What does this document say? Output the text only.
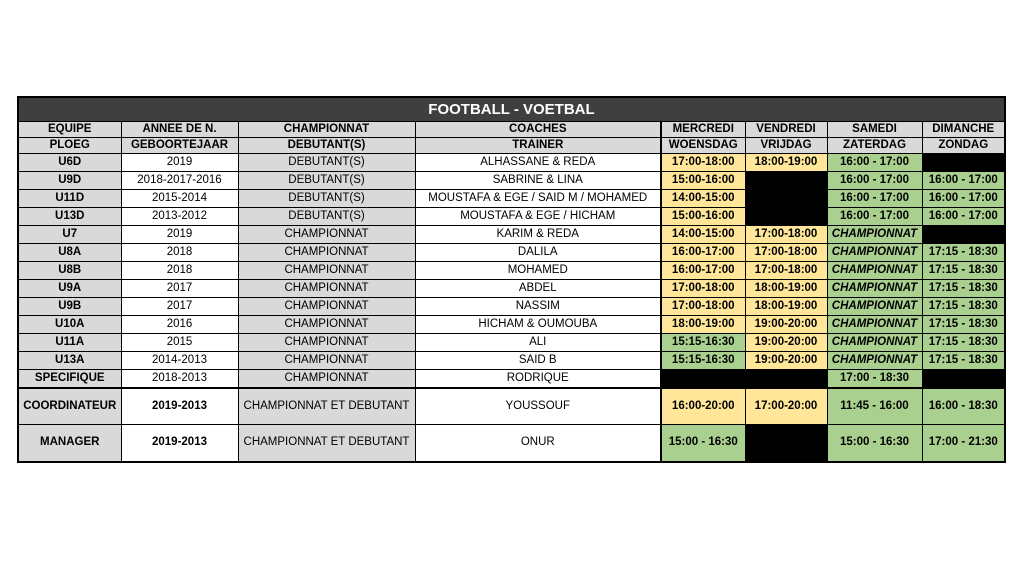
FOOTBALL - VOETBAL							
EQUIPE	ANNEE DE N.	CHAMPIONNAT	COACHES	MERCREDI	VENDREDI	SAMEDI	DIMANCHE
PLOEG	GEBOORTEJAAR	DEBUTANT(S)	TRAINER	WOENSDAG	VRIJDAG	ZATERDAG	ZONDAG
U6D	2019	DEBUTANT(S)	ALHASSANE & REDA	17:00-18:00	18:00-19:00	16:00 - 17:00	
U9D	2018-2017-2016	DEBUTANT(S)	SABRINE & LINA	15:00-16:00		16:00 - 17:00	16:00 - 17:00
U11D	2015-2014	DEBUTANT(S)	MOUSTAFA & EGE / SAID M / MOHAMED	14:00-15:00		16:00 - 17:00	16:00 - 17:00
U13D	2013-2012	DEBUTANT(S)	MOUSTAFA & EGE / HICHAM	15:00-16:00		16:00 - 17:00	16:00 - 17:00
U7	2019	CHAMPIONNAT	KARIM & REDA	14:00-15:00	17:00-18:00	CHAMPIONNAT	
U8A	2018	CHAMPIONNAT	DALILA	16:00-17:00	17:00-18:00	CHAMPIONNAT	17:15 - 18:30
U8B	2018	CHAMPIONNAT	MOHAMED	16:00-17:00	17:00-18:00	CHAMPIONNAT	17:15 - 18:30
U9A	2017	CHAMPIONNAT	ABDEL	17:00-18:00	18:00-19:00	CHAMPIONNAT	17:15 - 18:30
U9B	2017	CHAMPIONNAT	NASSIM	17:00-18:00	18:00-19:00	CHAMPIONNAT	17:15 - 18:30
U10A	2016	CHAMPIONNAT	HICHAM & OUMOUBA	18:00-19:00	19:00-20:00	CHAMPIONNAT	17:15 - 18:30
U11A	2015	CHAMPIONNAT	ALI	15:15-16:30	19:00-20:00	CHAMPIONNAT	17:15 - 18:30
U13A	2014-2013	CHAMPIONNAT	SAID B	15:15-16:30	19:00-20:00	CHAMPIONNAT	17:15 - 18:30
SPECIFIQUE	2018-2013	CHAMPIONNAT	RODRIQUE			17:00 - 18:30	
COORDINATEUR	2019-2013	CHAMPIONNAT ET DEBUTANT	YOUSSOUF	16:00-20:00	17:00-20:00	11:45 - 16:00	16:00 - 18:30
MANAGER	2019-2013	CHAMPIONNAT ET DEBUTANT	ONUR	15:00 - 16:30		15:00 - 16:30	17:00 - 21:30
